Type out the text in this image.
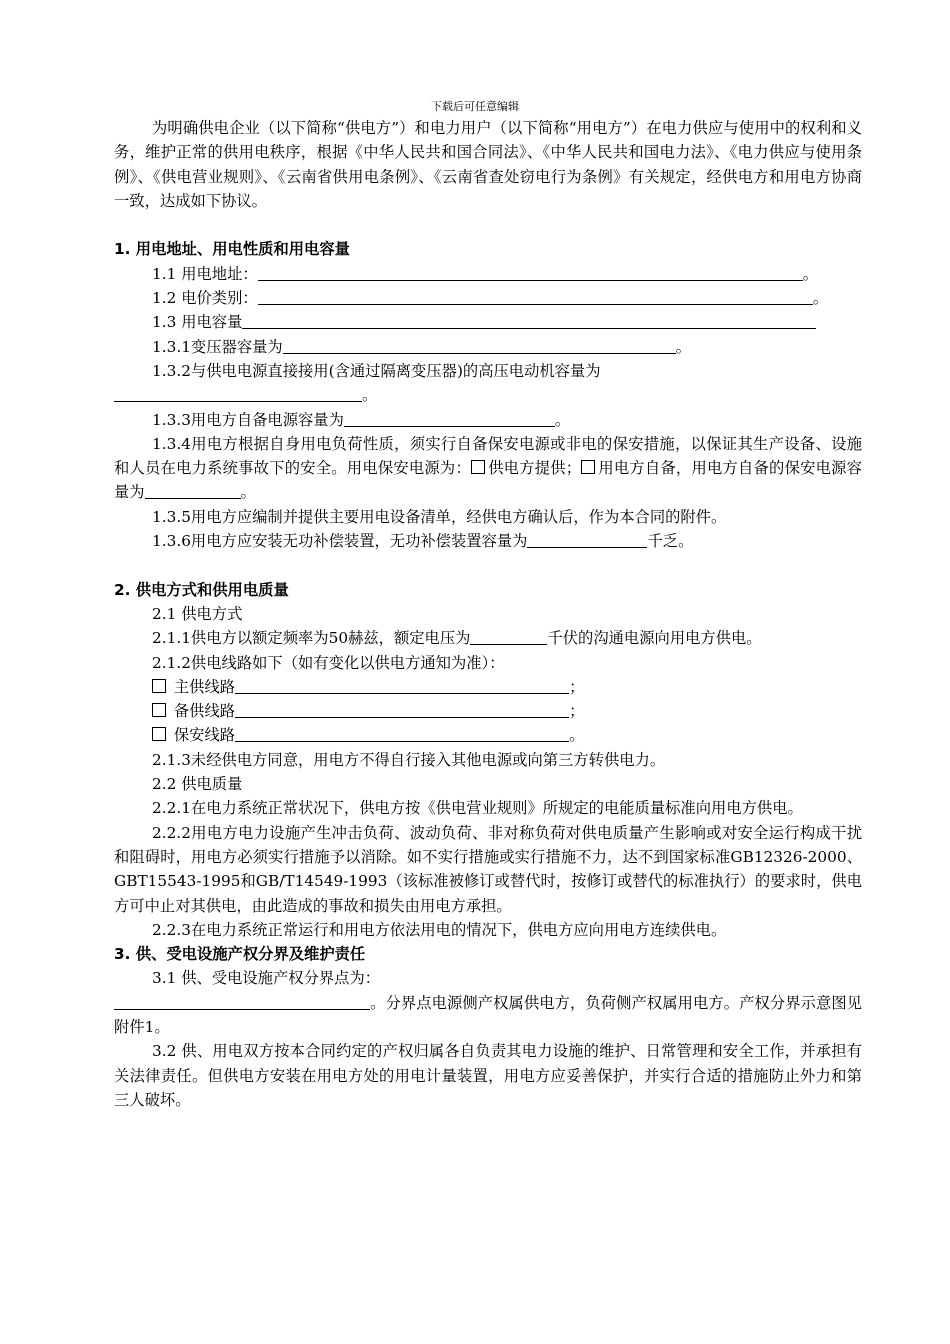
下载后可任意编辑

为明确供电企业（以下简称“供电方”）和电力用户（以下简称“用电方”）在电力供应与使用中的权利和义务，维护正常的供用电秩序，根据《中华人民共和国合同法》、《中华人民共和国电力法》、《电力供应与使用条例》、《供电营业规则》、《云南省供用电条例》、《云南省查处窃电行为条例》有关规定，经供电方和用电方协商一致，达成如下协议。

1. 用电地址、用电性质和用电容量

1.1 用电地址：	。

1.2 电价类别：	。

1.3 用电容量

1.3.1变压器容量为	。

1.3.2与供电电源直接接用(含通过隔离变压器)的高压电动机容量为

。

1.3.3用电方自备电源容量为	。

1.3.4用电方根据自身用电负荷性质，须实行自备保安电源或非电的保安措施，以保证其生产设备、设施和人员在电力系统事故下的安全。用电保安电源为： 供电方提供； 用电方自备，用电方自备的保安电源容量为	。

1.3.5用电方应编制并提供主要用电设备清单，经供电方确认后，作为本合同的附件。

1.3.6用电方应安装无功补偿装置，无功补偿装置容量为	千乏。

2. 供电方式和供用电质量

2.1 供电方式

2.1.1供电方以额定频率为50赫兹，额定电压为	千伏的沟通电源向用电方供电。

2.1.2供电线路如下（如有变化以供电方通知为准）：

主供线路	；

备供线路	；

保安线路	。

2.1.3未经供电方同意，用电方不得自行接入其他电源或向第三方转供电力。

2.2 供电质量

2.2.1在电力系统正常状况下，供电方按《供电营业规则》所规定的电能质量标准向用电方供电。

2.2.2用电方电力设施产生冲击负荷、波动负荷、非对称负荷对供电质量产生影响或对安全运行构成干扰和阻碍时，用电方必须实行措施予以消除。如不实行措施或实行措施不力，达不到国家标准GB12326-2000、GBT15543-1995和GB/T14549-1993（该标准被修订或替代时，按修订或替代的标准执行）的要求时，供电方可中止对其供电，由此造成的事故和损失由用电方承担。

2.2.3在电力系统正常运行和用电方依法用电的情况下，供电方应向用电方连续供电。

3. 供、受电设施产权分界及维护责任

3.1 供、受电设施产权分界点为：

。分界点电源侧产权属供电方，负荷侧产权属用电方。产权分界示意图见附件1。

3.2 供、用电双方按本合同约定的产权归属各自负责其电力设施的维护、日常管理和安全工作，并承担有关法律责任。但供电方安装在用电方处的用电计量装置，用电方应妥善保护，并实行合适的措施防止外力和第三人破坏。
